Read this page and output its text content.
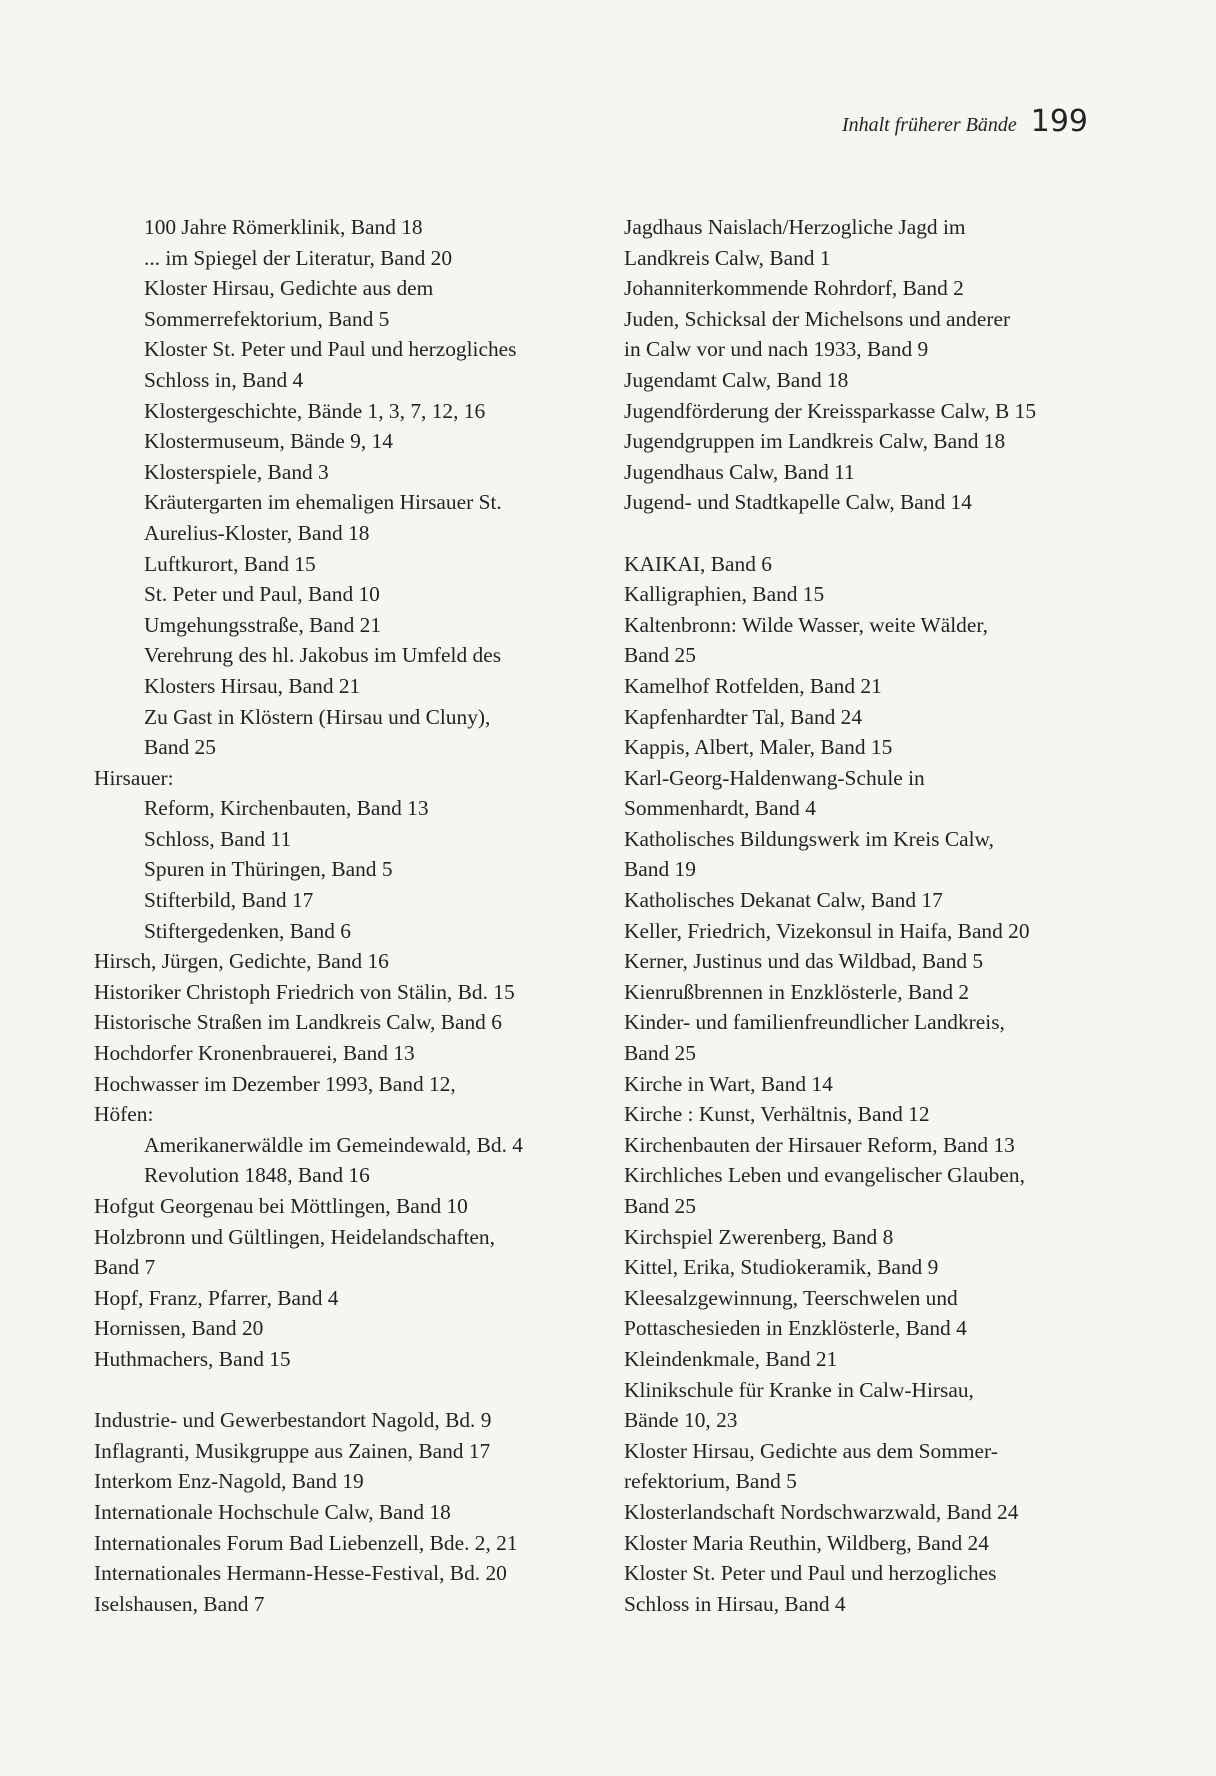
Inhalt früherer Bände 199
100 Jahre Römerklinik, Band 18
... im Spiegel der Literatur, Band 20
Kloster Hirsau, Gedichte aus dem
Sommerrefektorium, Band 5
Kloster St. Peter und Paul und herzogliches
Schloss in, Band 4
Klostergeschichte, Bände 1, 3, 7, 12, 16
Klostermuseum, Bände 9, 14
Klosterspiele, Band 3
Kräutergarten im ehemaligen Hirsauer St.
Aurelius-Kloster, Band 18
Luftkurort, Band 15
St. Peter und Paul, Band 10
Umgehungsstraße, Band 21
Verehrung des hl. Jakobus im Umfeld des
Klosters Hirsau, Band 21
Zu Gast in Klöstern (Hirsau und Cluny),
Band 25
Hirsauer:
Reform, Kirchenbauten, Band 13
Schloss, Band 11
Spuren in Thüringen, Band 5
Stifterbild, Band 17
Stiftergedenken, Band 6
Hirsch, Jürgen, Gedichte, Band 16
Historiker Christoph Friedrich von Stälin, Bd. 15
Historische Straßen im Landkreis Calw, Band 6
Hochdorfer Kronenbrauerei, Band 13
Hochwasser im Dezember 1993, Band 12,
Höfen:
Amerikanerwäldle im Gemeindewald, Bd. 4
Revolution 1848, Band 16
Hofgut Georgenau bei Möttlingen, Band 10
Holzbronn und Gültlingen, Heidelandschaften,
Band 7
Hopf, Franz, Pfarrer, Band 4
Hornissen, Band 20
Huthmachers, Band 15
Industrie- und Gewerbestandort Nagold, Bd. 9
Inflagranti, Musikgruppe aus Zainen, Band 17
Interkom Enz-Nagold, Band 19
Internationale Hochschule Calw, Band 18
Internationales Forum Bad Liebenzell, Bde. 2, 21
Internationales Hermann-Hesse-Festival, Bd. 20
Iselshausen, Band 7
Jagdhaus Naislach/Herzogliche Jagd im
Landkreis Calw, Band 1
Johanniterkommende Rohrdorf, Band 2
Juden, Schicksal der Michelsons und anderer
in Calw vor und nach 1933, Band 9
Jugendamt Calw, Band 18
Jugendförderung der Kreissparkasse Calw, B 15
Jugendgruppen im Landkreis Calw, Band 18
Jugendhaus Calw, Band 11
Jugend- und Stadtkapelle Calw, Band 14
KAIKAI, Band 6
Kalligraphien, Band 15
Kaltenbronn: Wilde Wasser, weite Wälder,
Band 25
Kamelhof Rotfelden, Band 21
Kapfenhardter Tal, Band 24
Kappis, Albert, Maler, Band 15
Karl-Georg-Haldenwang-Schule in
Sommenhardt, Band 4
Katholisches Bildungswerk im Kreis Calw,
Band 19
Katholisches Dekanat Calw, Band 17
Keller, Friedrich, Vizekonsul in Haifa, Band 20
Kerner, Justinus und das Wildbad, Band 5
Kienrußbrennen in Enzklösterle, Band 2
Kinder- und familienfreundlicher Landkreis,
Band 25
Kirche in Wart, Band 14
Kirche : Kunst, Verhältnis, Band 12
Kirchenbauten der Hirsauer Reform, Band 13
Kirchliches Leben und evangelischer Glauben,
Band 25
Kirchspiel Zwerenberg, Band 8
Kittel, Erika, Studiokeramik, Band 9
Kleesalzgewinnung, Teerschwelen und
Pottaschesieden in Enzklösterle, Band 4
Kleindenkmale, Band 21
Klinikschule für Kranke in Calw-Hirsau,
Bände 10, 23
Kloster Hirsau, Gedichte aus dem Sommer-
refektorium, Band 5
Klosterlandschaft Nordschwarzwald, Band 24
Kloster Maria Reuthin, Wildberg, Band 24
Kloster St. Peter und Paul und herzogliches
Schloss in Hirsau, Band 4
